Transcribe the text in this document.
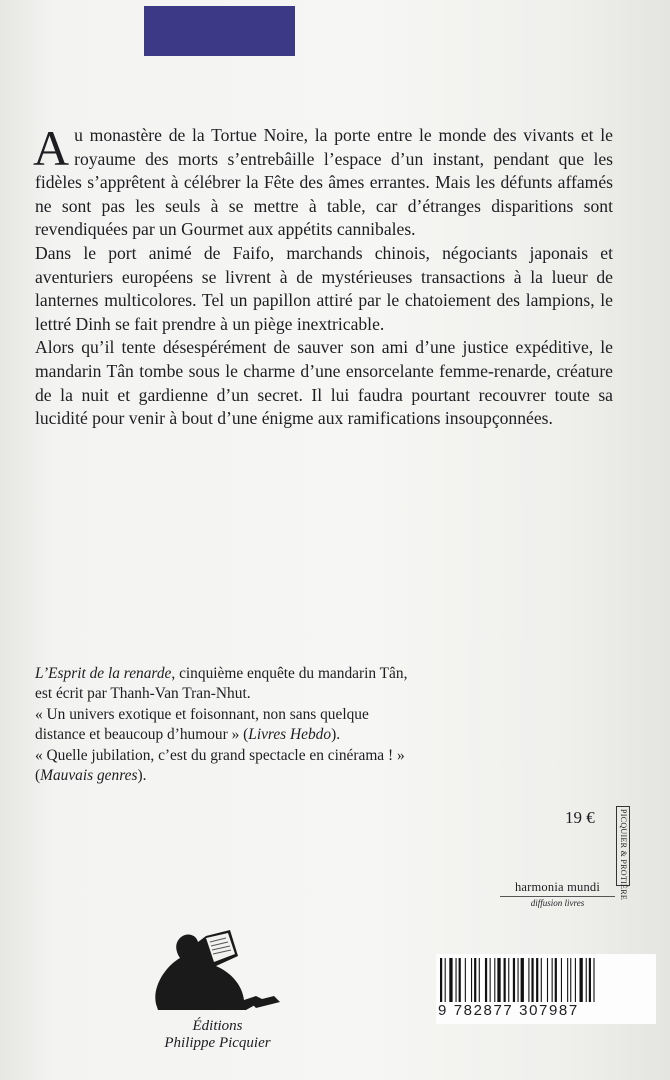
Au monastère de la Tortue Noire, la porte entre le monde des vivants et le royaume des morts s’entrebâille l’espace d’un instant, pendant que les fidèles s’apprêtent à célébrer la Fête des âmes errantes. Mais les défunts affamés ne sont pas les seuls à se mettre à table, car d’étranges disparitions sont revendiquées par un Gourmet aux appétits cannibales.

Dans le port animé de Faifo, marchands chinois, négociants japonais et aventuriers européens se livrent à de mystérieuses transactions à la lueur de lanternes multicolores. Tel un papillon attiré par le chatoiement des lampions, le lettré Dinh se fait prendre à un piège inextricable.

Alors qu’il tente désespérément de sauver son ami d’une justice expéditive, le mandarin Tân tombe sous le charme d’une ensorcelante femme-renarde, créature de la nuit et gardienne d’un secret. Il lui faudra pourtant recouvrer toute sa lucidité pour venir à bout d’une énigme aux ramifications insoupçonnées.

L’Esprit de la renarde, cinquième enquête du mandarin Tân, est écrit par Thanh-Van Tran-Nhut.

« Un univers exotique et foisonnant, non sans quelque distance et beaucoup d’humour » (Livres Hebdo).

« Quelle jubilation, c’est du grand spectacle en cinérama ! » (Mauvais genres).

19 €	PICQUIER & PROTIÈRE
harmonia mundi
diffusion livres
Éditions
Philippe Picquier
9 782877 307987
